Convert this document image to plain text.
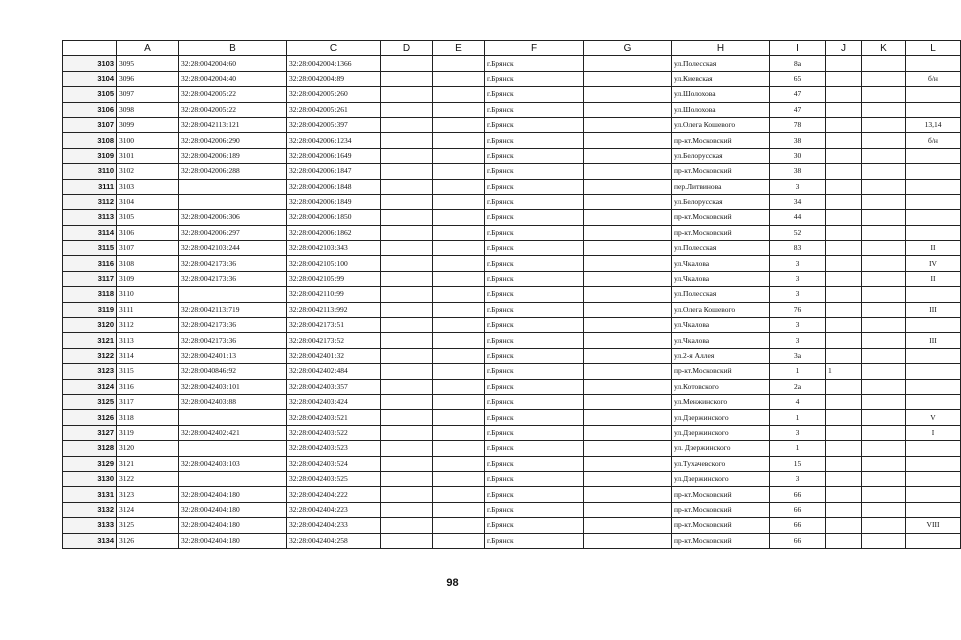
	A	B	C	D	E	F	G	H	I	J	K	L
3103	3095	32:28:0042004:60	32:28:0042004:1366			г.Брянск		ул.Полесская	8а			
3104	3096	32:28:0042004:40	32:28:0042004:89			г.Брянск		ул.Киевская	65			б/н
3105	3097	32:28:0042005:22	32:28:0042005:260			г.Брянск		ул.Шолохова	47			
3106	3098	32:28:0042005:22	32:28:0042005:261			г.Брянск		ул.Шолохова	47			
3107	3099	32:28:0042113:121	32:28:0042005:397			г.Брянск		ул.Олега Кошевого	78			13,14
3108	3100	32:28:0042006:290	32:28:0042006:1234			г.Брянск		пр-кт.Московский	38			б/н
3109	3101	32:28:0042006:189	32:28:0042006:1649			г.Брянск		ул.Белорусская	30			
3110	3102	32:28:0042006:288	32:28:0042006:1847			г.Брянск		пр-кт.Московский	38			
3111	3103		32:28:0042006:1848			г.Брянск		пер.Литвинова	3			
3112	3104		32:28:0042006:1849			г.Брянск		ул.Белорусская	34			
3113	3105	32:28:0042006:306	32:28:0042006:1850			г.Брянск		пр-кт.Московский	44			
3114	3106	32:28:0042006:297	32:28:0042006:1862			г.Брянск		пр-кт.Московский	52			
3115	3107	32:28:0042103:244	32:28:0042103:343			г.Брянск		ул.Полесская	83			II
3116	3108	32:28:0042173:36	32:28:0042105:100			г.Брянск		ул.Чкалова	3			IV
3117	3109	32:28:0042173:36	32:28:0042105:99			г.Брянск		ул.Чкалова	3			II
3118	3110		32:28:0042110:99			г.Брянск		ул.Полесская	3			
3119	3111	32:28:0042113:719	32:28:0042113:992			г.Брянск		ул.Олега Кошевого	76			III
3120	3112	32:28:0042173:36	32:28:0042173:51			г.Брянск		ул.Чкалова	3			
3121	3113	32:28:0042173:36	32:28:0042173:52			г.Брянск		ул.Чкалова	3			III
3122	3114	32:28:0042401:13	32:28:0042401:32			г.Брянск		ул.2-я Аллея	3а			
3123	3115	32:28:0040846:92	32:28:0042402:484			г.Брянск		пр-кт.Московский	1	1		
3124	3116	32:28:0042403:101	32:28:0042403:357			г.Брянск		ул.Котовского	2а			
3125	3117	32:28:0042403:88	32:28:0042403:424			г.Брянск		ул.Менжинского	4			
3126	3118		32:28:0042403:521			г.Брянск		ул.Дзержинского	1			V
3127	3119	32:28:0042402:421	32:28:0042403:522			г.Брянск		ул.Дзержинского	3			I
3128	3120		32:28:0042403:523			г.Брянск		ул. Дзержинского	1			
3129	3121	32:28:0042403:103	32:28:0042403:524			г.Брянск		ул.Тухачевского	15			
3130	3122		32:28:0042403:525			г.Брянск		ул.Дзержинского	3			
3131	3123	32:28:0042404:180	32:28:0042404:222			г.Брянск		пр-кт.Московский	66			
3132	3124	32:28:0042404:180	32:28:0042404:223			г.Брянск		пр-кт.Московский	66			
3133	3125	32:28:0042404:180	32:28:0042404:233			г.Брянск		пр-кт.Московский	66			VIII
3134	3126	32:28:0042404:180	32:28:0042404:258			г.Брянск		пр-кт.Московский	66			
98
